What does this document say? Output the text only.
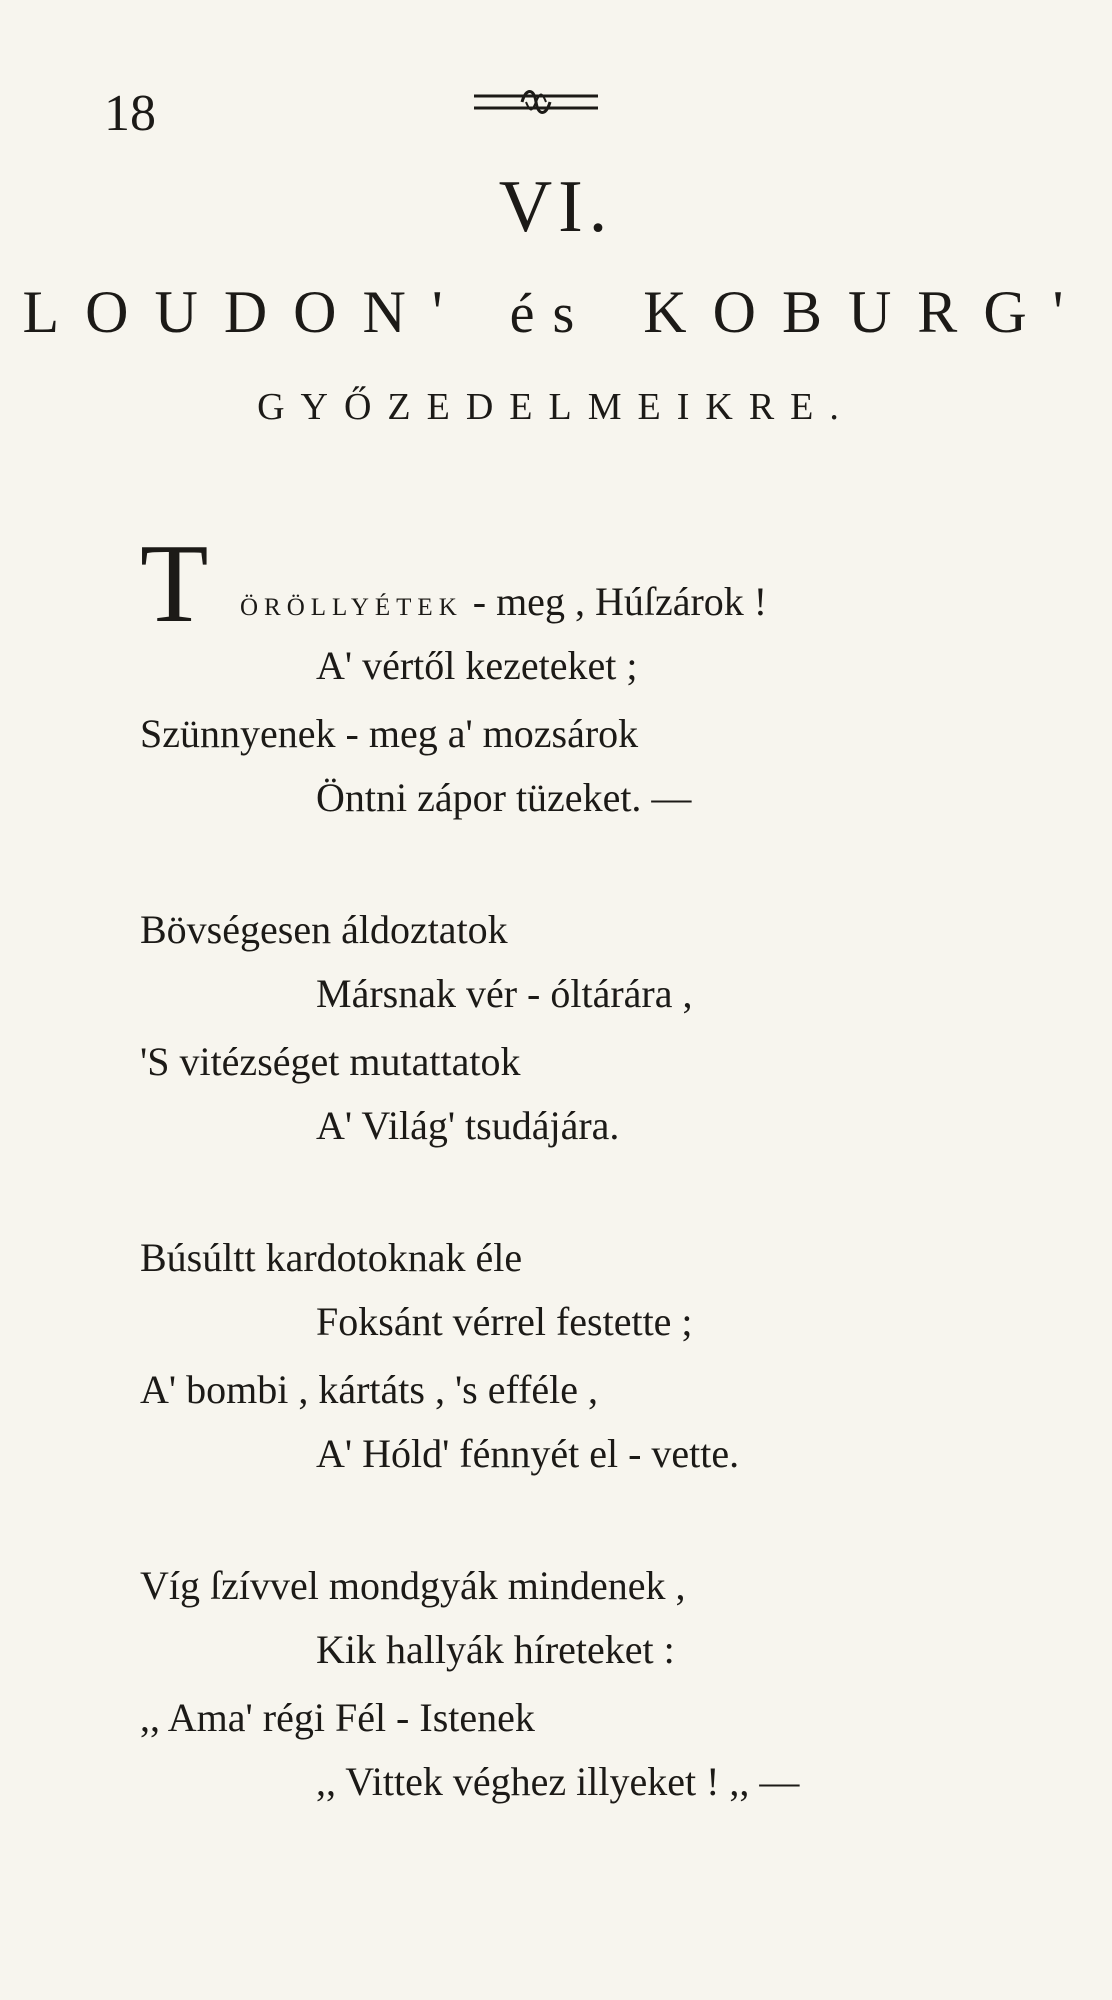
18
VI.
LOUDON' és KOBURG'
GYŐZEDELMEIKRE.
T ÖRÖLLYÉTEK - meg , Húſzárok !
A' vértől kezeteket ;
Szünnyenek - meg a' mozsárok
Öntni zápor tüzeket. —
Bövségesen áldoztatok
Mársnak vér - óltárára ,
'S vitézséget mutattatok
A' Világ' tsudájára.
Búsúltt kardotoknak éle
Foksánt vérrel festette ;
A' bombi , kártáts , 's efféle ,
A' Hóld' fénnyét el - vette.
Víg ſzívvel mondgyák mindenek ,
Kik hallyák híreteket :
,, Ama' régi Fél - Istenek
,, Vittek véghez illyeket ! ,, —
